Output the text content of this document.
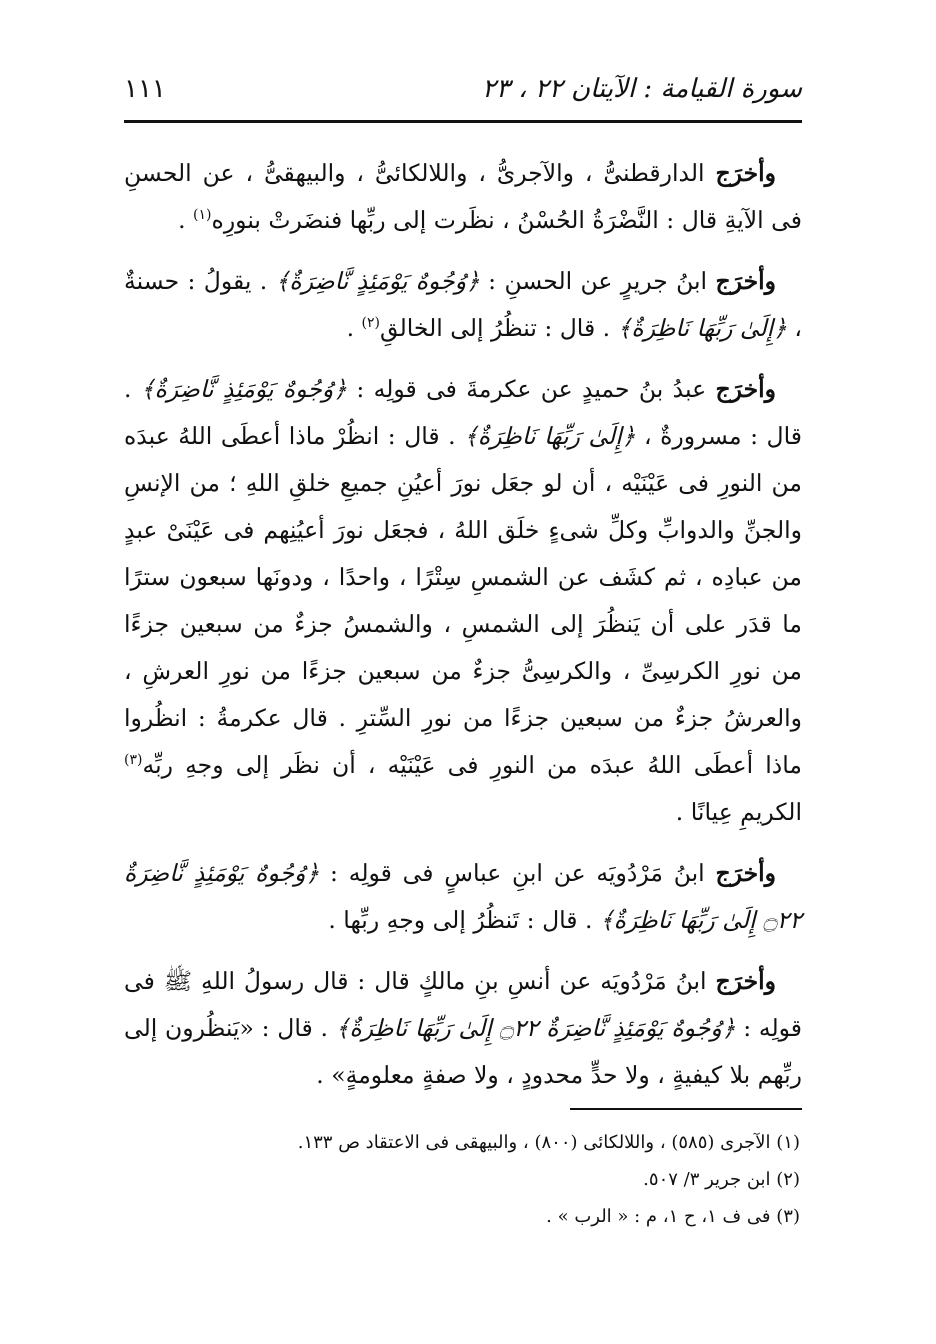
سورة القيامة : الآيتان ٢٢ ، ٢٣
١١١

وأخرَج الدارقطنىُّ ، والآجرىُّ ، واللالكائىُّ ، والبيهقىُّ ، عن الحسنِ فى الآيةِ قال : النَّضْرَةُ الحُسْنُ ، نظَرت إلى ربِّها فنضَرتْ بنورِه$^{(١)}$ .

وأخرَج ابنُ جريرٍ عن الحسنِ : ﴿وُجُوهٌ يَوْمَئِذٍ نَّاضِرَةٌ﴾ . يقولُ : حسنةٌ ، ﴿إِلَىٰ رَبِّهَا نَاظِرَةٌ﴾ . قال : تنظُرُ إلى الخالقِ$^{(٢)}$ .

وأخرَج عبدُ بنُ حميدٍ عن عكرمةَ فى قولِه : ﴿وُجُوهٌ يَوْمَئِذٍ نَّاضِرَةٌ﴾ . قال : مسرورةٌ ، ﴿إِلَىٰ رَبِّهَا نَاظِرَةٌ﴾ . قال : انظُرْ ماذا أعطَى اللهُ عبدَه من النورِ فى عَيْنَيْه ، أن لو جعَل نورَ أعيُنِ جميعِ خلقِ اللهِ ؛ من الإنسِ والجنِّ والدوابِّ وكلِّ شىءٍ خلَق اللهُ ، فجعَل نورَ أعيُنِهم فى عَيْنَىْ عبدٍ من عبادِه ، ثم كشَف عن الشمسِ سِتْرًا ، واحدًا ، ودونَها سبعون سترًا ما قدَر على أن يَنظُرَ إلى الشمسِ ، والشمسُ جزءٌ من سبعين جزءًا من نورِ الكرسِىِّ ، والكرسِىُّ جزءٌ من سبعين جزءًا من نورِ العرشِ ، والعرشُ جزءٌ من سبعين جزءًا من نورِ السِّترِ . قال عكرمةُ : انظُروا ماذا أعطَى اللهُ عبدَه من النورِ فى عَيْنَيْه ، أن نظَر إلى وجهِ ربِّه$^{(٣)}$ الكريمِ عِيانًا .

وأخرَج ابنُ مَرْدُويَه عن ابنِ عباسٍ فى قولِه : ﴿وُجُوهٌ يَوْمَئِذٍ نَّاضِرَةٌ ۝٢٢ إِلَىٰ رَبِّهَا نَاظِرَةٌ﴾ . قال : تَنظُرُ إلى وجهِ ربِّها .

وأخرَج ابنُ مَرْدُويَه عن أنسِ بنِ مالكٍ قال : قال رسولُ اللهِ ﷺ فى قولِه : ﴿وُجُوهٌ يَوْمَئِذٍ نَّاضِرَةٌ ۝٢٢ إِلَىٰ رَبِّهَا نَاظِرَةٌ﴾ . قال : «يَنظُرون إلى ربِّهم بلا كيفيةٍ ، ولا حدٍّ محدودٍ ، ولا صفةٍ معلومةٍ» .

(١) الآجرى (٥٨٥) ، واللالكائى (٨٠٠) ، والبيهقى فى الاعتقاد ص ١٣٣.
(٢) ابن جرير ٣/ ٥٠٧.
(٣) فى ف ١، ح ١، م : « الرب » .
